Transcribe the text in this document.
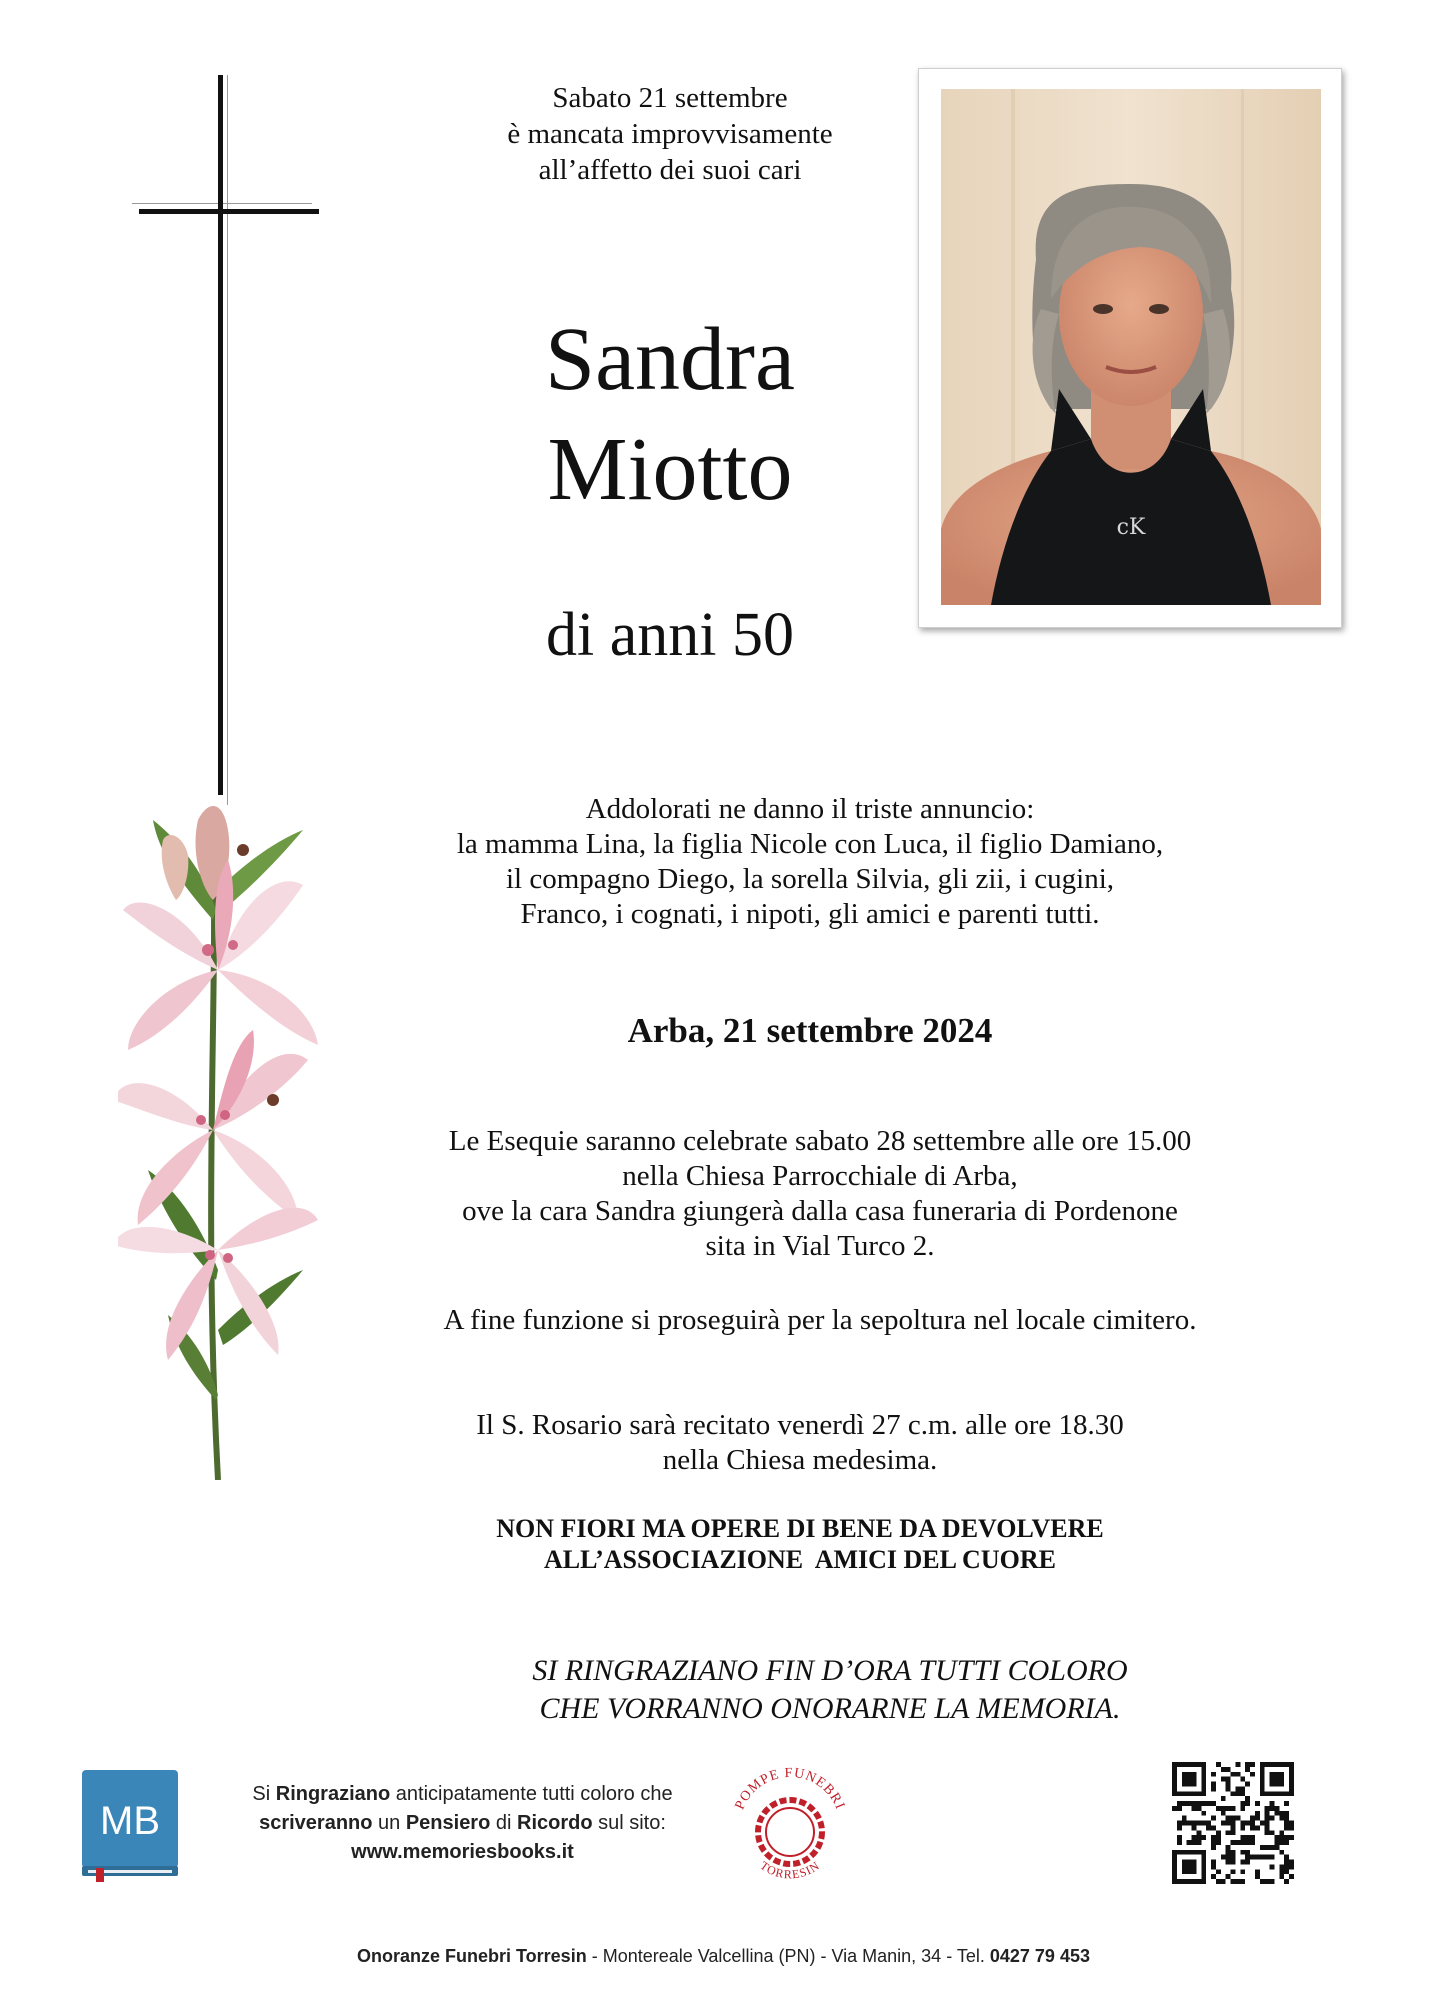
Sabato 21 settembre
è mancata improvvisamente
all’affetto dei suoi cari
Sandra
Miotto
di anni 50
cK
Addolorati ne danno il triste annuncio:
la mamma Lina, la figlia Nicole con Luca, il figlio Damiano,
il compagno Diego, la sorella Silvia, gli zii, i cugini,
Franco, i cognati, i nipoti, gli amici e parenti tutti.
Arba, 21 settembre 2024
Le Esequie saranno celebrate sabato 28 settembre alle ore 15.00
nella Chiesa Parrocchiale di Arba,
ove la cara Sandra giungerà dalla casa funeraria di Pordenone
sita in Vial Turco 2.
A fine funzione si proseguirà per la sepoltura nel locale cimitero.
Il S. Rosario sarà recitato venerdì 27 c.m. alle ore 18.30
nella Chiesa medesima.
NON FIORI MA OPERE DI BENE DA DEVOLVERE
ALL’ASSOCIAZIONE  AMICI DEL CUORE
SI RINGRAZIANO FIN D’ORA TUTTI COLORO
CHE VORRANNO ONORARNE LA MEMORIA.
MB
Si Ringraziano anticipatamente tutti coloro che
scriveranno un Pensiero di Ricordo sul sito:
www.memoriesbooks.it
POMPE FUNEBRI
TORRESIN
Onoranze Funebri Torresin - Montereale Valcellina (PN) - Via Manin, 34 - Tel. 0427 79 453
